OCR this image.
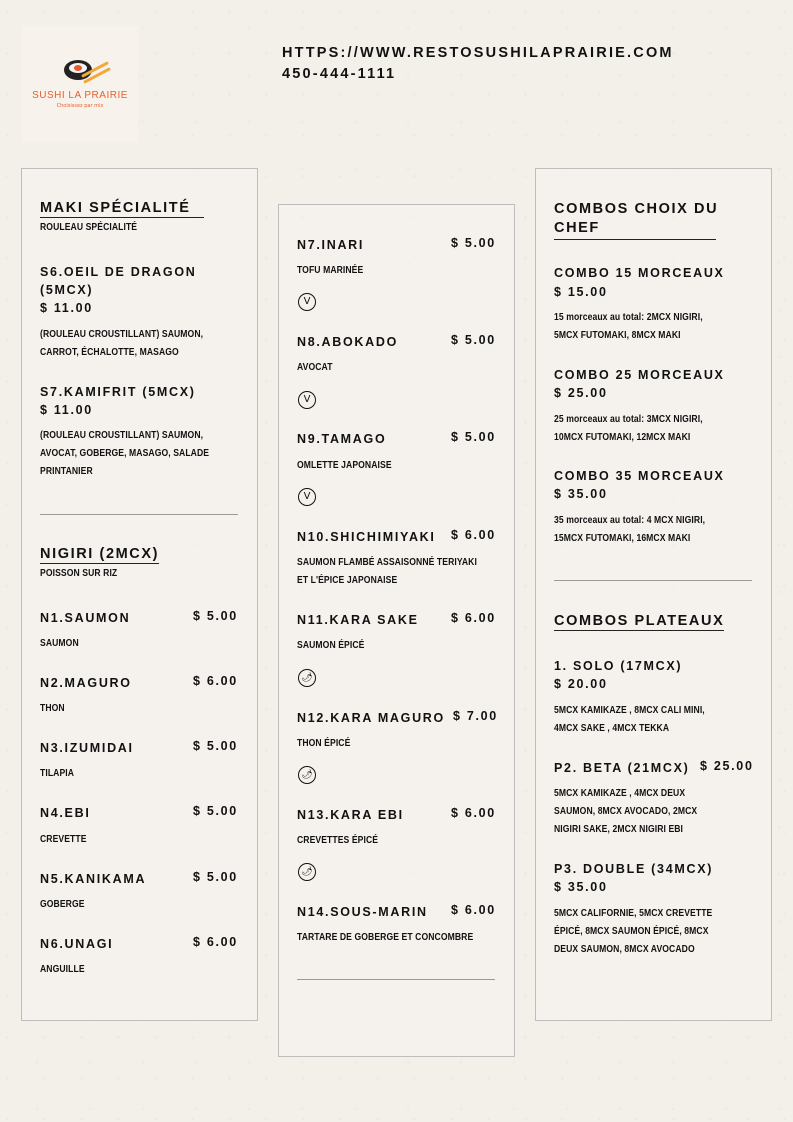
SUSHI LA PRAIRIE
Choisissez par mix
HTTPS://WWW.RESTOSUSHILAPRAIRIE.COM
450-444-1111
MAKI SPÉCIALITÉ
ROULEAU SPÉCIALITÉ
S6.OEIL DE DRAGON
(5MCX)
$ 11.00
(ROULEAU CROUSTILLANT) SAUMON,
CARROT, ÉCHALOTTE, MASAGO
S7.KAMIFRIT (5MCX)
$ 11.00
(ROULEAU CROUSTILLANT) SAUMON,
AVOCAT, GOBERGE, MASAGO, SALADE
PRINTANIER
NIGIRI (2MCX)
POISSON SUR RIZ
N1.SAUMON	$ 5.00
SAUMON
N2.MAGURO	$ 6.00
THON
N3.IZUMIDAI	$ 5.00
TILAPIA
N4.EBI	$ 5.00
CREVETTE
N5.KANIKAMA	$ 5.00
GOBERGE
N6.UNAGI	$ 6.00
ANGUILLE
N7.INARI	$ 5.00
TOFU MARINÉE
V
N8.ABOKADO	$ 5.00
AVOCAT
V
N9.TAMAGO	$ 5.00
OMLETTE JAPONAISE
V
N10.SHICHIMIYAKI $ 6.00
SAUMON FLAMBÉ ASSAISONNÉ TERIYAKI
ET L'ÉPICE JAPONAISE
N11.KARA SAKE	$ 6.00
SAUMON ÉPICÉ
🌶
N12.KARA MAGURO $ 7.00
THON ÉPICÉ
🌶
N13.KARA EBI	$ 6.00
CREVETTES ÉPICÉ
🌶
N14.SOUS-MARIN $ 6.00
TARTARE DE GOBERGE ET CONCOMBRE
COMBOS CHOIX DU
CHEF
COMBO 15 MORCEAUX
$ 15.00
15 morceaux au total: 2MCX NIGIRI,
5MCX FUTOMAKI, 8MCX MAKI
COMBO 25 MORCEAUX
$ 25.00
25 morceaux au total: 3MCX NIGIRI,
10MCX FUTOMAKI, 12MCX MAKI
COMBO 35 MORCEAUX
$ 35.00
35 morceaux au total: 4 MCX NIGIRI,
15MCX FUTOMAKI, 16MCX MAKI
COMBOS PLATEAUX
1. SOLO (17MCX)
$ 20.00
5MCX KAMIKAZE , 8MCX CALI MINI,
4MCX SAKE , 4MCX TEKKA
P2. BETA (21MCX) $ 25.00
5MCX KAMIKAZE , 4MCX DEUX
SAUMON, 8MCX AVOCADO, 2MCX
NIGIRI SAKE, 2MCX NIGIRI EBI
P3. DOUBLE (34MCX)
$ 35.00
5MCX CALIFORNIE, 5MCX CREVETTE
ÉPICÉ, 8MCX SAUMON ÉPICÉ, 8MCX
DEUX SAUMON, 8MCX AVOCADO
